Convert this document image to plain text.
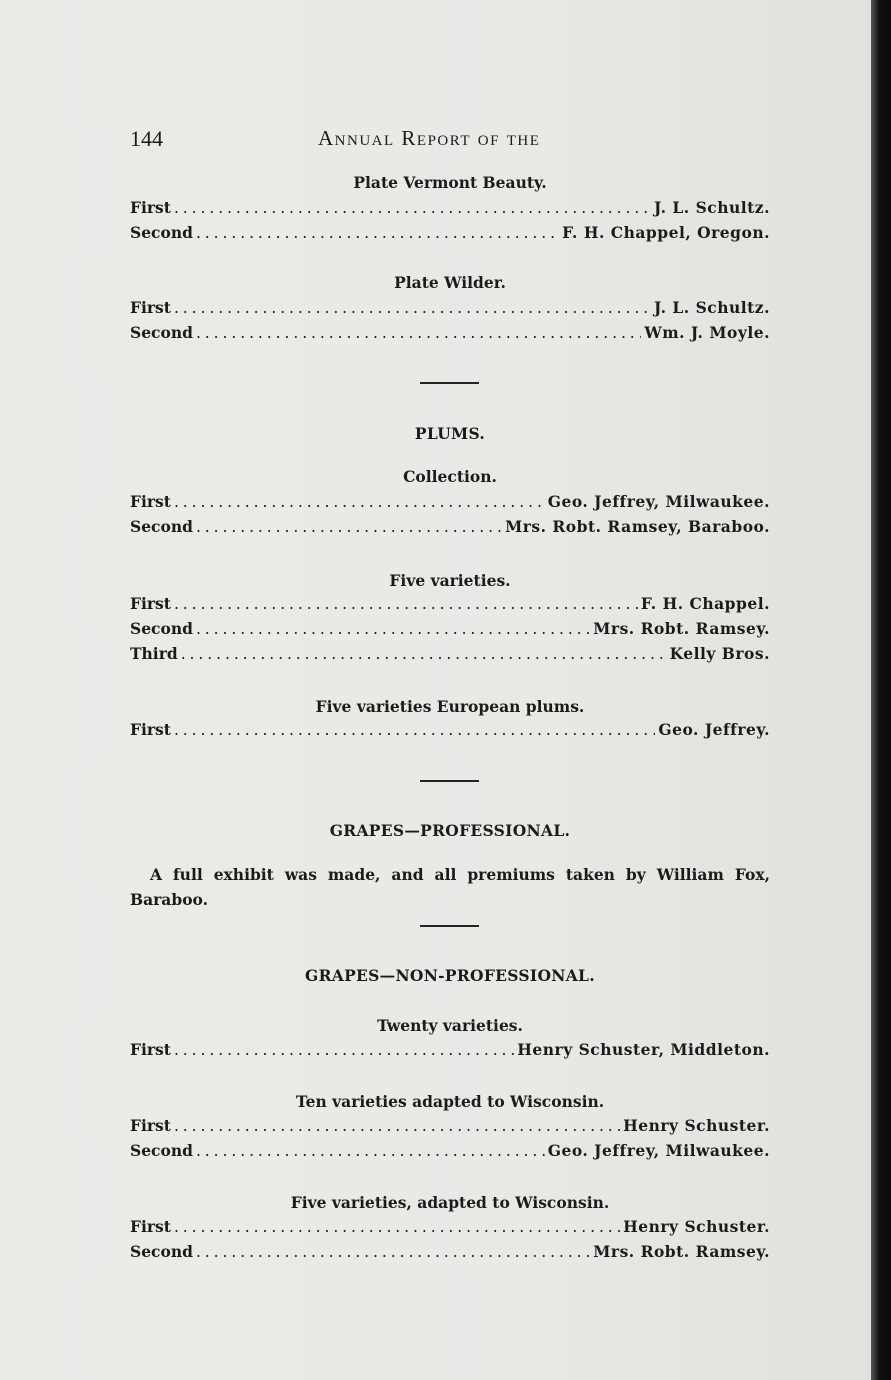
144	Annual Report of the
Plate Vermont Beauty.
First . . .	J. L. Schultz.
Second . . .	F. H. Chappel, Oregon.
Plate Wilder.
First . . .	J. L. Schultz.
Second . . .	Wm. J. Moyle.
PLUMS.
Collection.
First . . .	Geo. Jeffrey, Milwaukee.
Second . . .	Mrs. Robt. Ramsey, Baraboo.
Five varieties.
First . . .	F. H. Chappel.
Second . . .	Mrs. Robt. Ramsey.
Third . . .	Kelly Bros.
Five varieties European plums.
First . . .	Geo. Jeffrey.
GRAPES—PROFESSIONAL.
A full exhibit was made, and all premiums taken by William Fox, Baraboo.
GRAPES—NON-PROFESSIONAL.
Twenty varieties.
First . . .	Henry Schuster, Middleton.
Ten varieties adapted to Wisconsin.
First . . .	Henry Schuster.
Second . . .	Geo. Jeffrey, Milwaukee.
Five varieties, adapted to Wisconsin.
First . . .	Henry Schuster.
Second . . .	Mrs. Robt. Ramsey.
